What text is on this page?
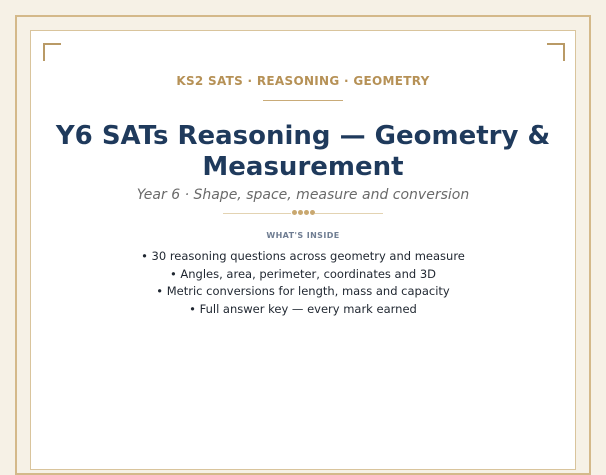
KS2 SATS · REASONING · GEOMETRY
Y6 SATs Reasoning — Geometry & Measurement
Year 6 · Shape, space, measure and conversion
WHAT'S INSIDE
• 30 reasoning questions across geometry and measure
• Angles, area, perimeter, coordinates and 3D
• Metric conversions for length, mass and capacity
• Full answer key — every mark earned
